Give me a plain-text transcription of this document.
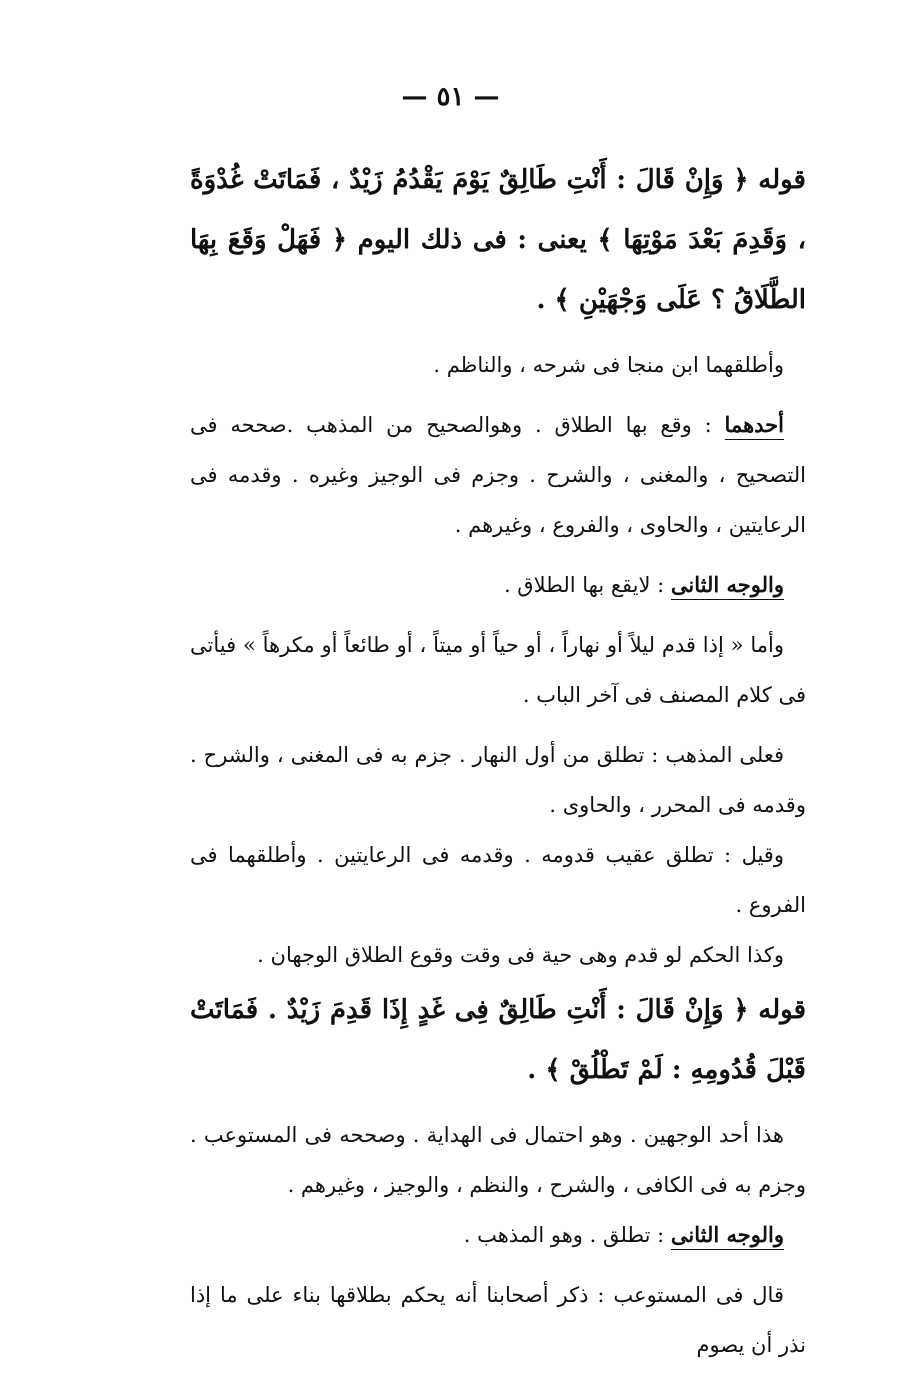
— ٥١ —

قوله ﴿ وَإِنْ قَالَ : أَنْتِ طَالِقٌ يَوْمَ يَقْدُمُ زَيْدٌ ، فَمَاتَتْ غُدْوَةً ، وَقَدِمَ بَعْدَ مَوْتِهَا ﴾ يعنى : فى ذلك اليوم ﴿ فَهَلْ وَقَعَ بِهَا الطَّلَاقُ ؟ عَلَى وَجْهَيْنِ ﴾ .

وأطلقهما ابن منجا فى شرحه ، والناظم .

أحدهما : وقع بها الطلاق . وهوالصحيح من المذهب .صححه فى التصحيح ، والمغنى ، والشرح . وجزم فى الوجيز وغيره . وقدمه فى الرعايتين ، والحاوى ، والفروع ، وغيرهم .

والوجه الثانى : لايقع بها الطلاق .

وأما « إذا قدم ليلاً أو نهاراً ، أو حياً أو ميتاً ، أو طائعاً أو مكرهاً » فيأتى فى كلام المصنف فى آخر الباب .

فعلى المذهب : تطلق من أول النهار . جزم به فى المغنى ، والشرح . وقدمه فى المحرر ، والحاوى .

وقيل : تطلق عقيب قدومه . وقدمه فى الرعايتين . وأطلقهما فى الفروع .

وكذا الحكم لو قدم وهى حية فى وقت وقوع الطلاق الوجهان .

قوله ﴿ وَإِنْ قَالَ : أَنْتِ طَالِقٌ فِى غَدٍ إِذَا قَدِمَ زَيْدٌ . فَمَاتَتْ قَبْلَ قُدُومِهِ : لَمْ تَطْلُقْ ﴾ .

هذا أحد الوجهين . وهو احتمال فى الهداية . وصححه فى المستوعب . وجزم به فى الكافى ، والشرح ، والنظم ، والوجيز ، وغيرهم .

والوجه الثانى : تطلق . وهو المذهب .

قال فى المستوعب : ذكر أصحابنا أنه يحكم بطلاقها بناء على ما إذا نذر أن يصوم
